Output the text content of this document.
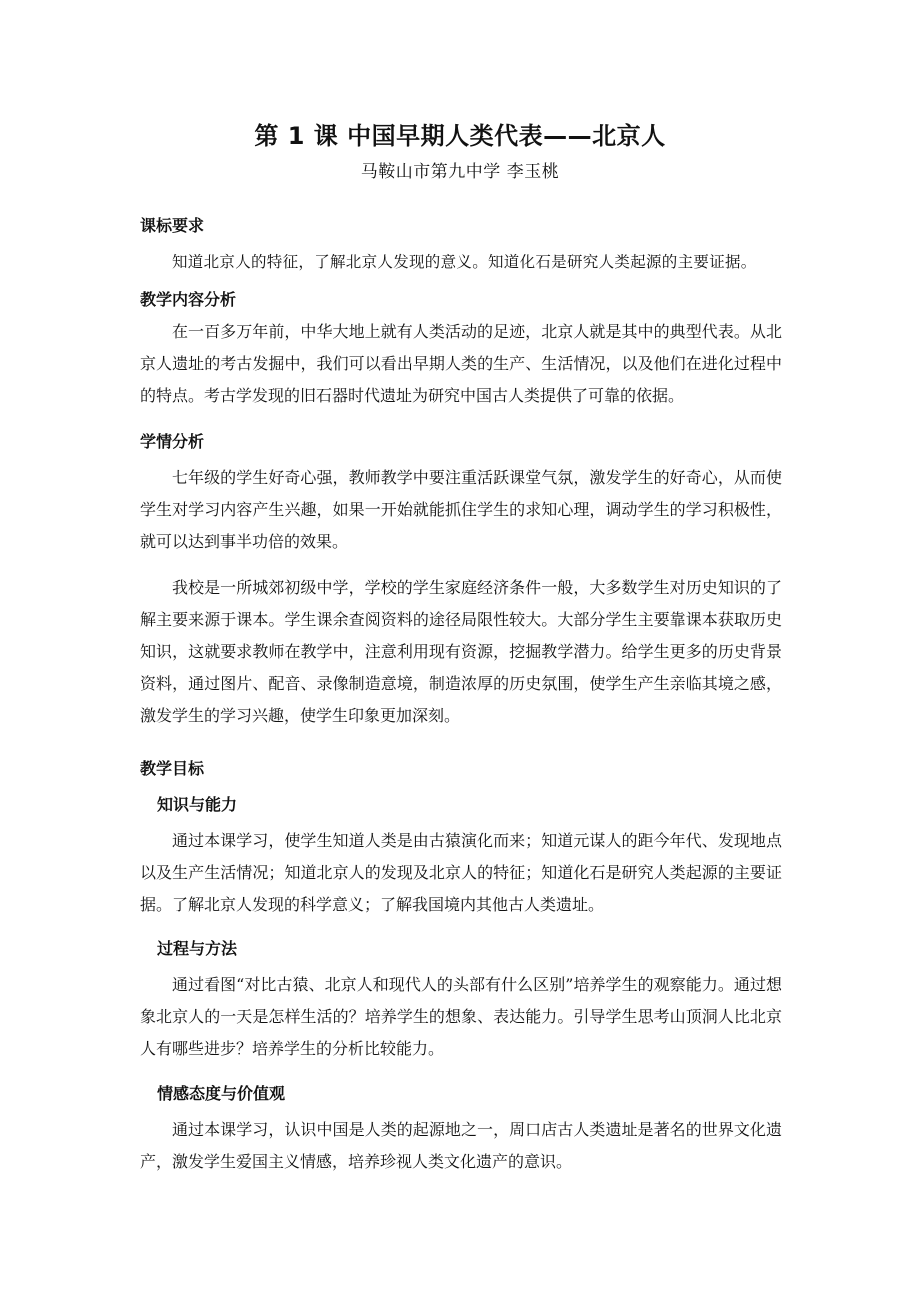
第 1 课 中国早期人类代表——北京人
马鞍山市第九中学 李玉桃
课标要求

知道北京人的特征，了解北京人发现的意义。知道化石是研究人类起源的主要证据。

教学内容分析

在一百多万年前，中华大地上就有人类活动的足迹，北京人就是其中的典型代表。从北京人遗址的考古发掘中，我们可以看出早期人类的生产、生活情况，以及他们在进化过程中的特点。考古学发现的旧石器时代遗址为研究中国古人类提供了可靠的依据。

学情分析

七年级的学生好奇心强，教师教学中要注重活跃课堂气氛，激发学生的好奇心，从而使学生对学习内容产生兴趣，如果一开始就能抓住学生的求知心理，调动学生的学习积极性，就可以达到事半功倍的效果。

我校是一所城郊初级中学，学校的学生家庭经济条件一般，大多数学生对历史知识的了解主要来源于课本。学生课余查阅资料的途径局限性较大。大部分学生主要靠课本获取历史知识，这就要求教师在教学中，注意利用现有资源，挖掘教学潜力。给学生更多的历史背景资料，通过图片、配音、录像制造意境，制造浓厚的历史氛围，使学生产生亲临其境之感，激发学生的学习兴趣，使学生印象更加深刻。

教学目标
知识与能力

通过本课学习，使学生知道人类是由古猿演化而来；知道元谋人的距今年代、发现地点以及生产生活情况；知道北京人的发现及北京人的特征；知道化石是研究人类起源的主要证据。了解北京人发现的科学意义；了解我国境内其他古人类遗址。

过程与方法

通过看图“对比古猿、北京人和现代人的头部有什么区别”培养学生的观察能力。通过想象北京人的一天是怎样生活的？培养学生的想象、表达能力。引导学生思考山顶洞人比北京人有哪些进步？培养学生的分析比较能力。

情感态度与价值观

通过本课学习，认识中国是人类的起源地之一，周口店古人类遗址是著名的世界文化遗产，激发学生爱国主义情感，培养珍视人类文化遗产的意识。
